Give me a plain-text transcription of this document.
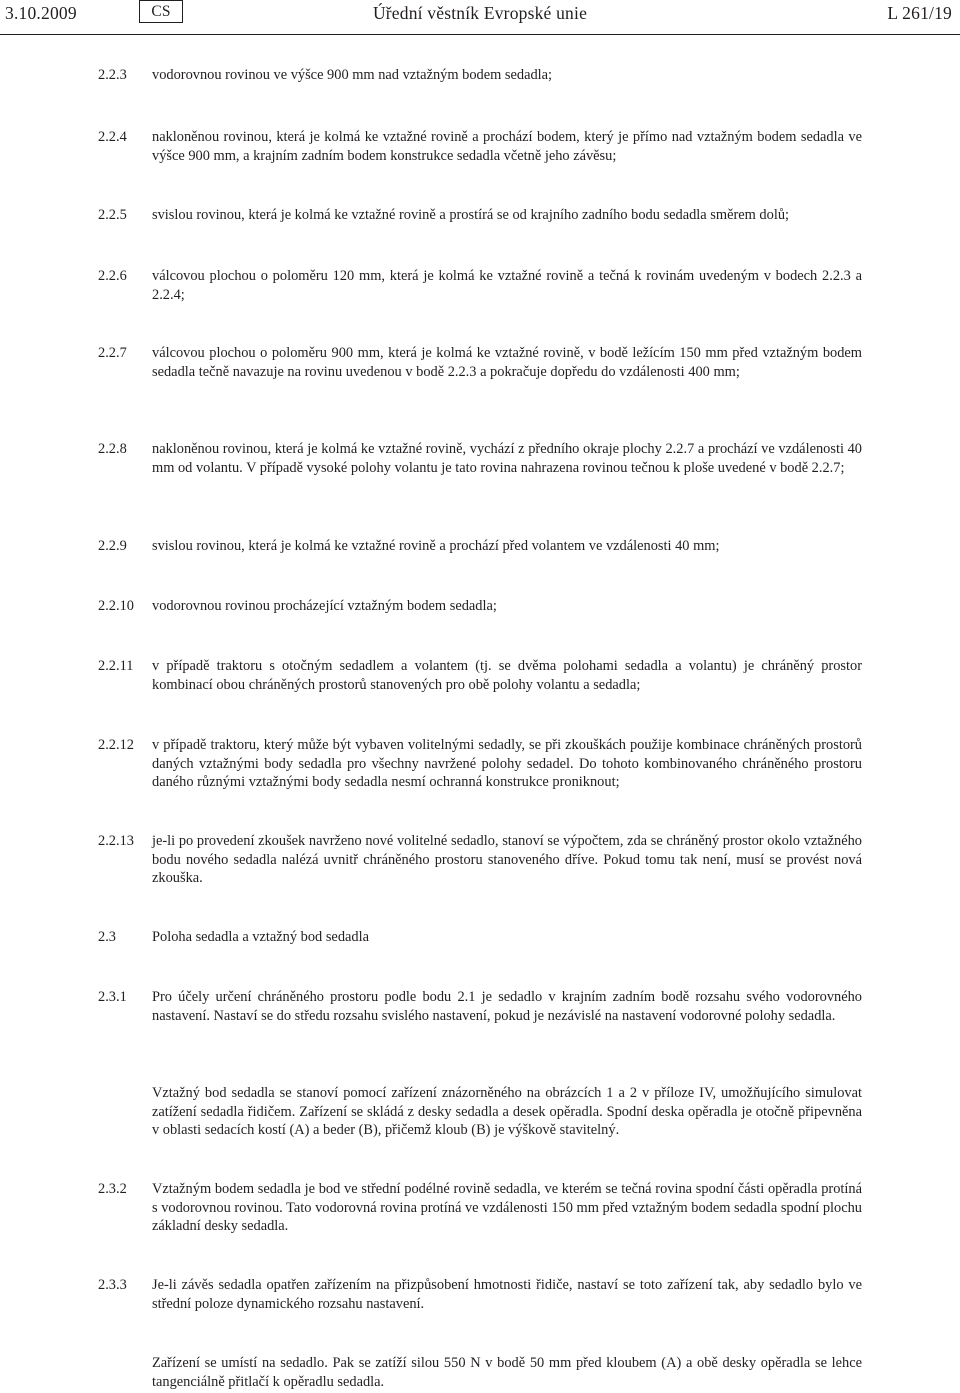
3.10.2009	CS	Úřední věstník Evropské unie	L 261/19
2.2.3 vodorovnou rovinou ve výšce 900 mm nad vztažným bodem sedadla;
2.2.4 nakloněnou rovinou, která je kolmá ke vztažné rovině a prochází bodem, který je přímo nad vztažným bodem sedadla ve výšce 900 mm, a krajním zadním bodem konstrukce sedadla včetně jeho závěsu;
2.2.5 svislou rovinou, která je kolmá ke vztažné rovině a prostírá se od krajního zadního bodu sedadla směrem dolů;
2.2.6 válcovou plochou o poloměru 120 mm, která je kolmá ke vztažné rovině a tečná k rovinám uvedeným v bodech 2.2.3 a 2.2.4;
2.2.7 válcovou plochou o poloměru 900 mm, která je kolmá ke vztažné rovině, v bodě ležícím 150 mm před vztažným bodem sedadla tečně navazuje na rovinu uvedenou v bodě 2.2.3 a pokračuje dopředu do vzdálenosti 400 mm;
2.2.8 nakloněnou rovinou, která je kolmá ke vztažné rovině, vychází z předního okraje plochy 2.2.7 a prochází ve vzdálenosti 40 mm od volantu. V případě vysoké polohy volantu je tato rovina nahrazena rovinou tečnou k ploše uvedené v bodě 2.2.7;
2.2.9 svislou rovinou, která je kolmá ke vztažné rovině a prochází před volantem ve vzdálenosti 40 mm;
2.2.10 vodorovnou rovinou procházející vztažným bodem sedadla;
2.2.11 v případě traktoru s otočným sedadlem a volantem (tj. se dvěma polohami sedadla a volantu) je chráněný prostor kombinací obou chráněných prostorů stanovených pro obě polohy volantu a sedadla;
2.2.12 v případě traktoru, který může být vybaven volitelnými sedadly, se při zkouškách použije kombinace chráněných prostorů daných vztažnými body sedadla pro všechny navržené polohy sedadel. Do tohoto kombinovaného chráněného prostoru daného různými vztažnými body sedadla nesmí ochranná konstrukce proniknout;
2.2.13 je-li po provedení zkoušek navrženo nové volitelné sedadlo, stanoví se výpočtem, zda se chráněný prostor okolo vztažného bodu nového sedadla nalézá uvnitř chráněného prostoru stanoveného dříve. Pokud tomu tak není, musí se provést nová zkouška.
2.3	Poloha sedadla a vztažný bod sedadla
2.3.1 Pro účely určení chráněného prostoru podle bodu 2.1 je sedadlo v krajním zadním bodě rozsahu svého vodorovného nastavení. Nastaví se do středu rozsahu svislého nastavení, pokud je nezávislé na nastavení vodorovné polohy sedadla.
Vztažný bod sedadla se stanoví pomocí zařízení znázorněného na obrázcích 1 a 2 v příloze IV, umožňujícího simulovat zatížení sedadla řidičem. Zařízení se skládá z desky sedadla a desek opěradla. Spodní deska opěradla je otočně připevněna v oblasti sedacích kostí (A) a beder (B), přičemž kloub (B) je výškově stavitelný.
2.3.2 Vztažným bodem sedadla je bod ve střední podélné rovině sedadla, ve kterém se tečná rovina spodní části opěradla protíná s vodorovnou rovinou. Tato vodorovná rovina protíná ve vzdálenosti 150 mm před vztažným bodem sedadla spodní plochu základní desky sedadla.
2.3.3 Je-li závěs sedadla opatřen zařízením na přizpůsobení hmotnosti řidiče, nastaví se toto zařízení tak, aby sedadlo bylo ve střední poloze dynamického rozsahu nastavení.
Zařízení se umístí na sedadlo. Pak se zatíží silou 550 N v bodě 50 mm před kloubem (A) a obě desky opěradla se lehce tangenciálně přitlačí k opěradlu sedadla.
